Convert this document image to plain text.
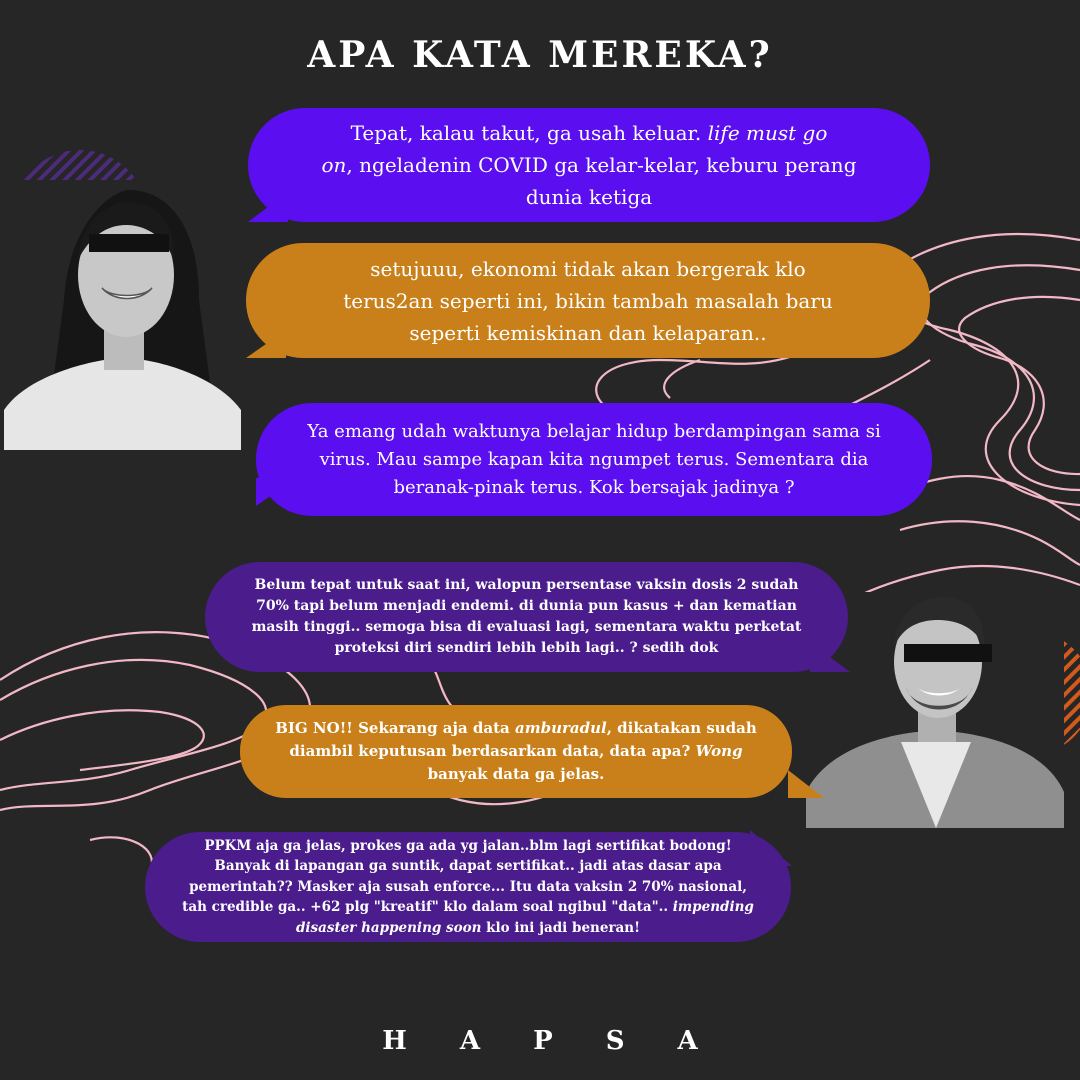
APA KATA MEREKA?

Tepat, kalau takut, ga usah keluar. life must go

on, ngeladenin COVID ga kelar-kelar, keburu perang dunia ketiga

setujuuu, ekonomi tidak akan bergerak klo terus2an seperti ini, bikin tambah masalah baru seperti kemiskinan dan kelaparan..

Ya emang udah waktunya belajar hidup berdampingan sama si virus. Mau sampe kapan kita ngumpet terus. Sementara dia beranak-pinak terus. Kok bersajak jadinya ?

Belum tepat untuk saat ini, walopun persentase vaksin dosis 2 sudah 70% tapi belum menjadi endemi. di dunia pun kasus + dan kematian masih tinggi.. semoga bisa di evaluasi lagi, sementara waktu perketat proteksi diri sendiri lebih lebih lagi.. ? sedih dok

BIG NO!! Sekarang aja data amburadul, dikatakan sudah diambil keputusan berdasarkan data, data apa? Wong banyak data ga jelas.

PPKM aja ga jelas, prokes ga ada yg jalan..blm lagi sertifikat bodong! Banyak di lapangan ga suntik, dapat sertifikat.. jadi atas dasar apa pemerintah?? Masker aja susah enforce... Itu data vaksin 2 70% nasional, tah credible ga.. +62 plg "kreatif" klo dalam soal ngibul "data".. impending disaster happening soon klo ini jadi beneran!

H A P S A
